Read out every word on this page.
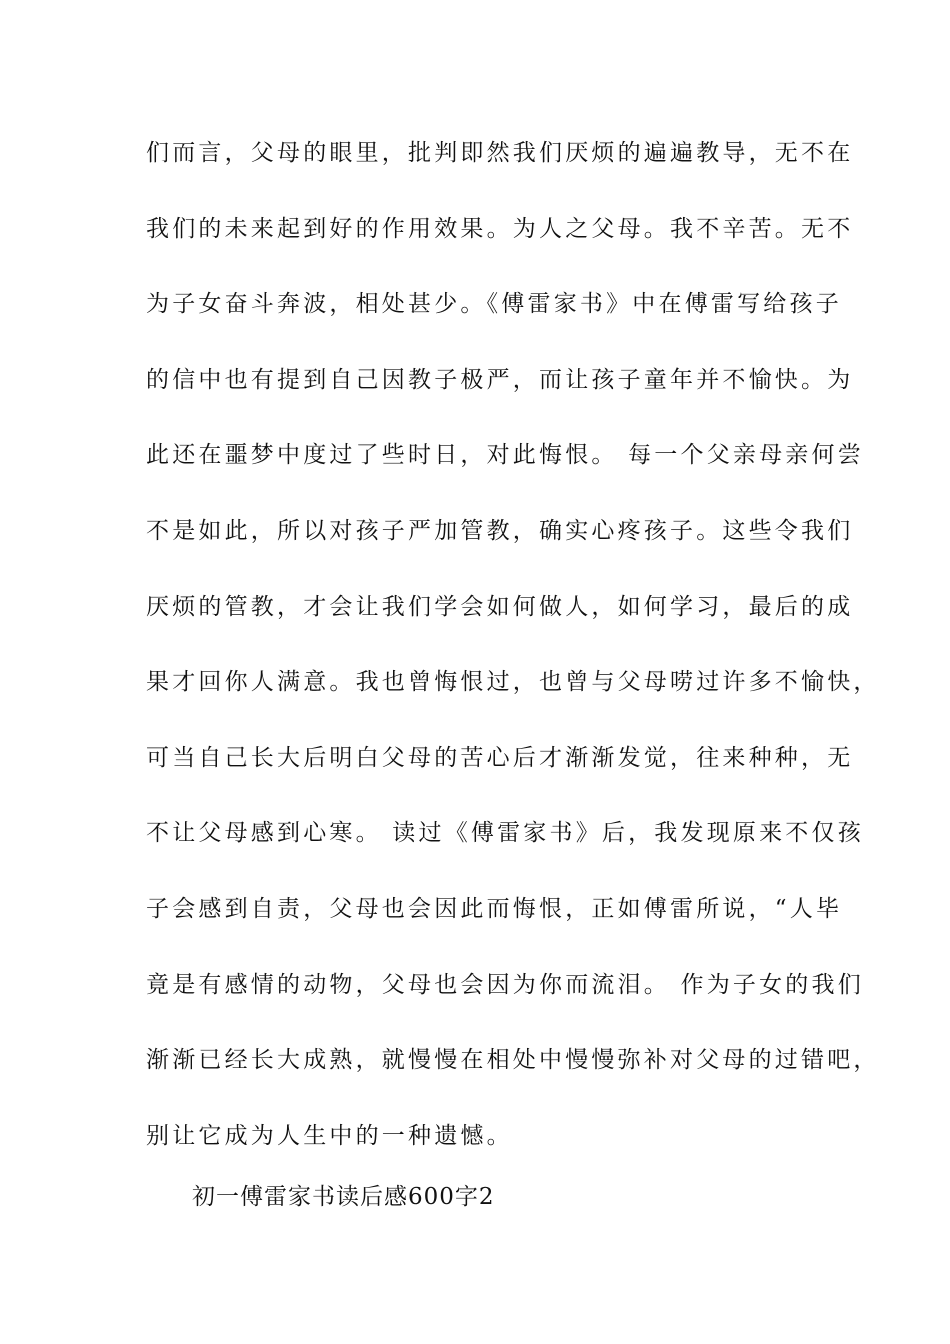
们而言，父母的眼里，批判即然我们厌烦的遍遍教导，无不在
我们的未来起到好的作用效果。为人之父母。我不辛苦。无不
为子女奋斗奔波，相处甚少。《傅雷家书》中在傅雷写给孩子
的信中也有提到自己因教子极严，而让孩子童年并不愉快。为
此还在噩梦中度过了些时日，对此悔恨。 每一个父亲母亲何尝
不是如此，所以对孩子严加管教，确实心疼孩子。这些令我们
厌烦的管教，才会让我们学会如何做人，如何学习，最后的成
果才回你人满意。我也曾悔恨过，也曾与父母唠过许多不愉快，
可当自己长大后明白父母的苦心后才渐渐发觉，往来种种，无
不让父母感到心寒。 读过《傅雷家书》后，我发现原来不仅孩
子会感到自责，父母也会因此而悔恨，正如傅雷所说，“人毕
竟是有感情的动物，父母也会因为你而流泪。 作为子女的我们
渐渐已经长大成熟，就慢慢在相处中慢慢弥补对父母的过错吧，
别让它成为人生中的一种遗憾。
初一傅雷家书读后感600字2
